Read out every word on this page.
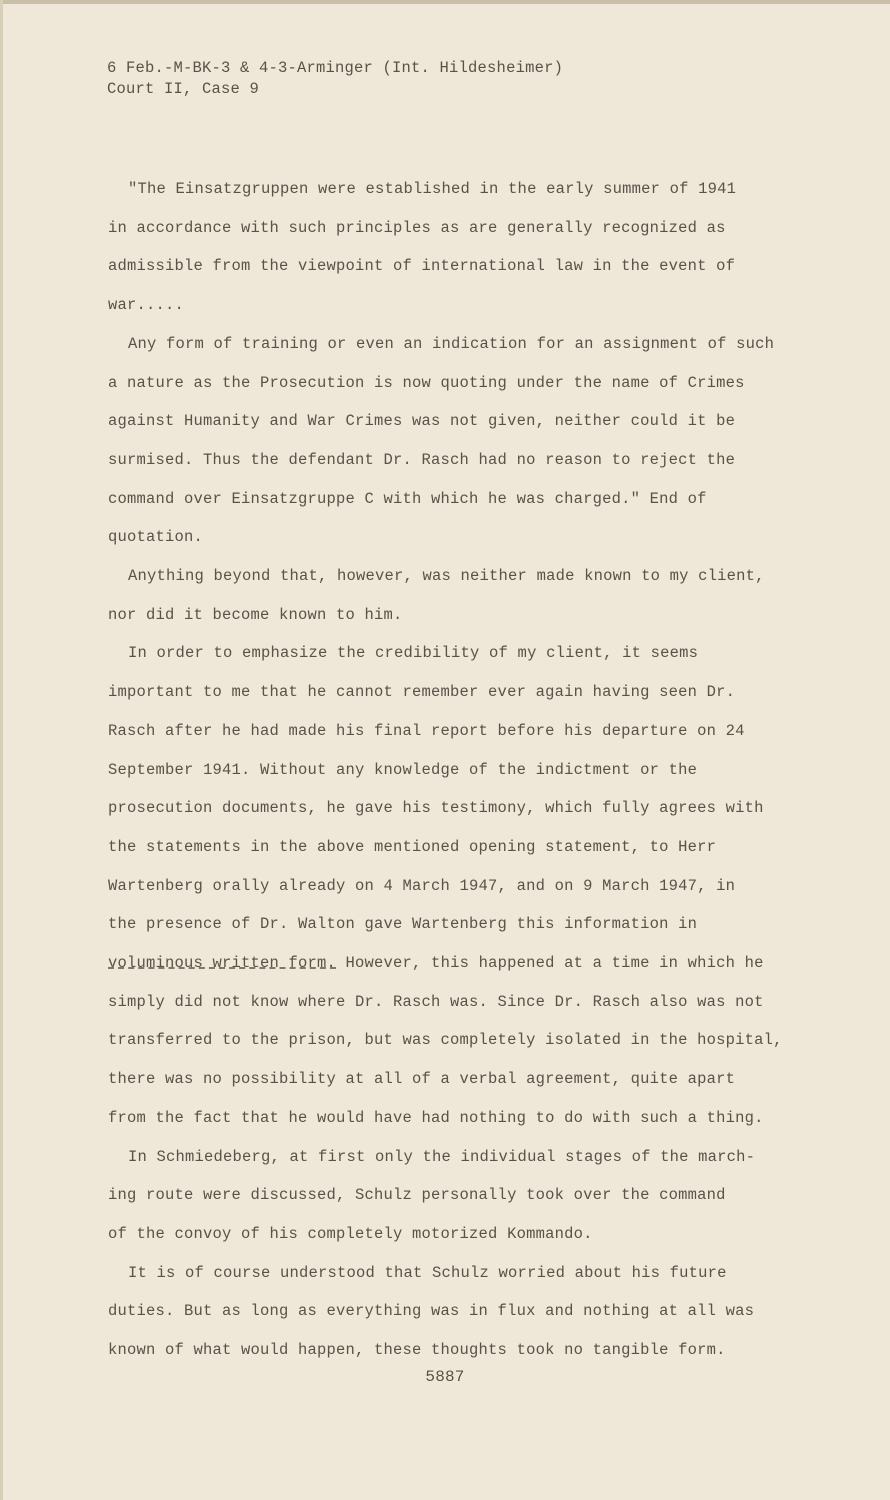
6 Feb.-M-BK-3 & 4-3-Arminger (Int. Hildesheimer)
Court II, Case 9
"The Einsatzgruppen were established in the early summer of 1941
in accordance with such principles as are generally recognized as
admissible from the viewpoint of international law in the event of
war.....
Any form of training or even an indication for an assignment of such
a nature as the Prosecution is now quoting under the name of Crimes
against Humanity and War Crimes was not given, neither could it be
surmised. Thus the defendant Dr. Rasch had no reason to reject the
command over Einsatzgruppe C with which he was charged." End of
quotation.
Anything beyond that, however, was neither made known to my client,
nor did it become known to him.
In order to emphasize the credibility of my client, it seems
important to me that he cannot remember ever again having seen Dr.
Rasch after he had made his final report before his departure on 24
September 1941. Without any knowledge of the indictment or the
prosecution documents, he gave his testimony, which fully agrees with
the statements in the above mentioned opening statement, to Herr
Wartenberg orally already on 4 March 1947, and on 9 March 1947, in
the presence of Dr. Walton gave Wartenberg this information in
voluminous written form. However, this happened at a time in which he
simply did not know where Dr. Rasch was. Since Dr. Rasch also was not
transferred to the prison, but was completely isolated in the hospital,
there was no possibility at all of a verbal agreement, quite apart
from the fact that he would have had nothing to do with such a thing.
In Schmiedeberg, at first only the individual stages of the march-
ing route were discussed, Schulz personally took over the command
of the convoy of his completely motorized Kommando.
It is of course understood that Schulz worried about his future
duties. But as long as everything was in flux and nothing at all was
known of what would happen, these thoughts took no tangible form.
5887
